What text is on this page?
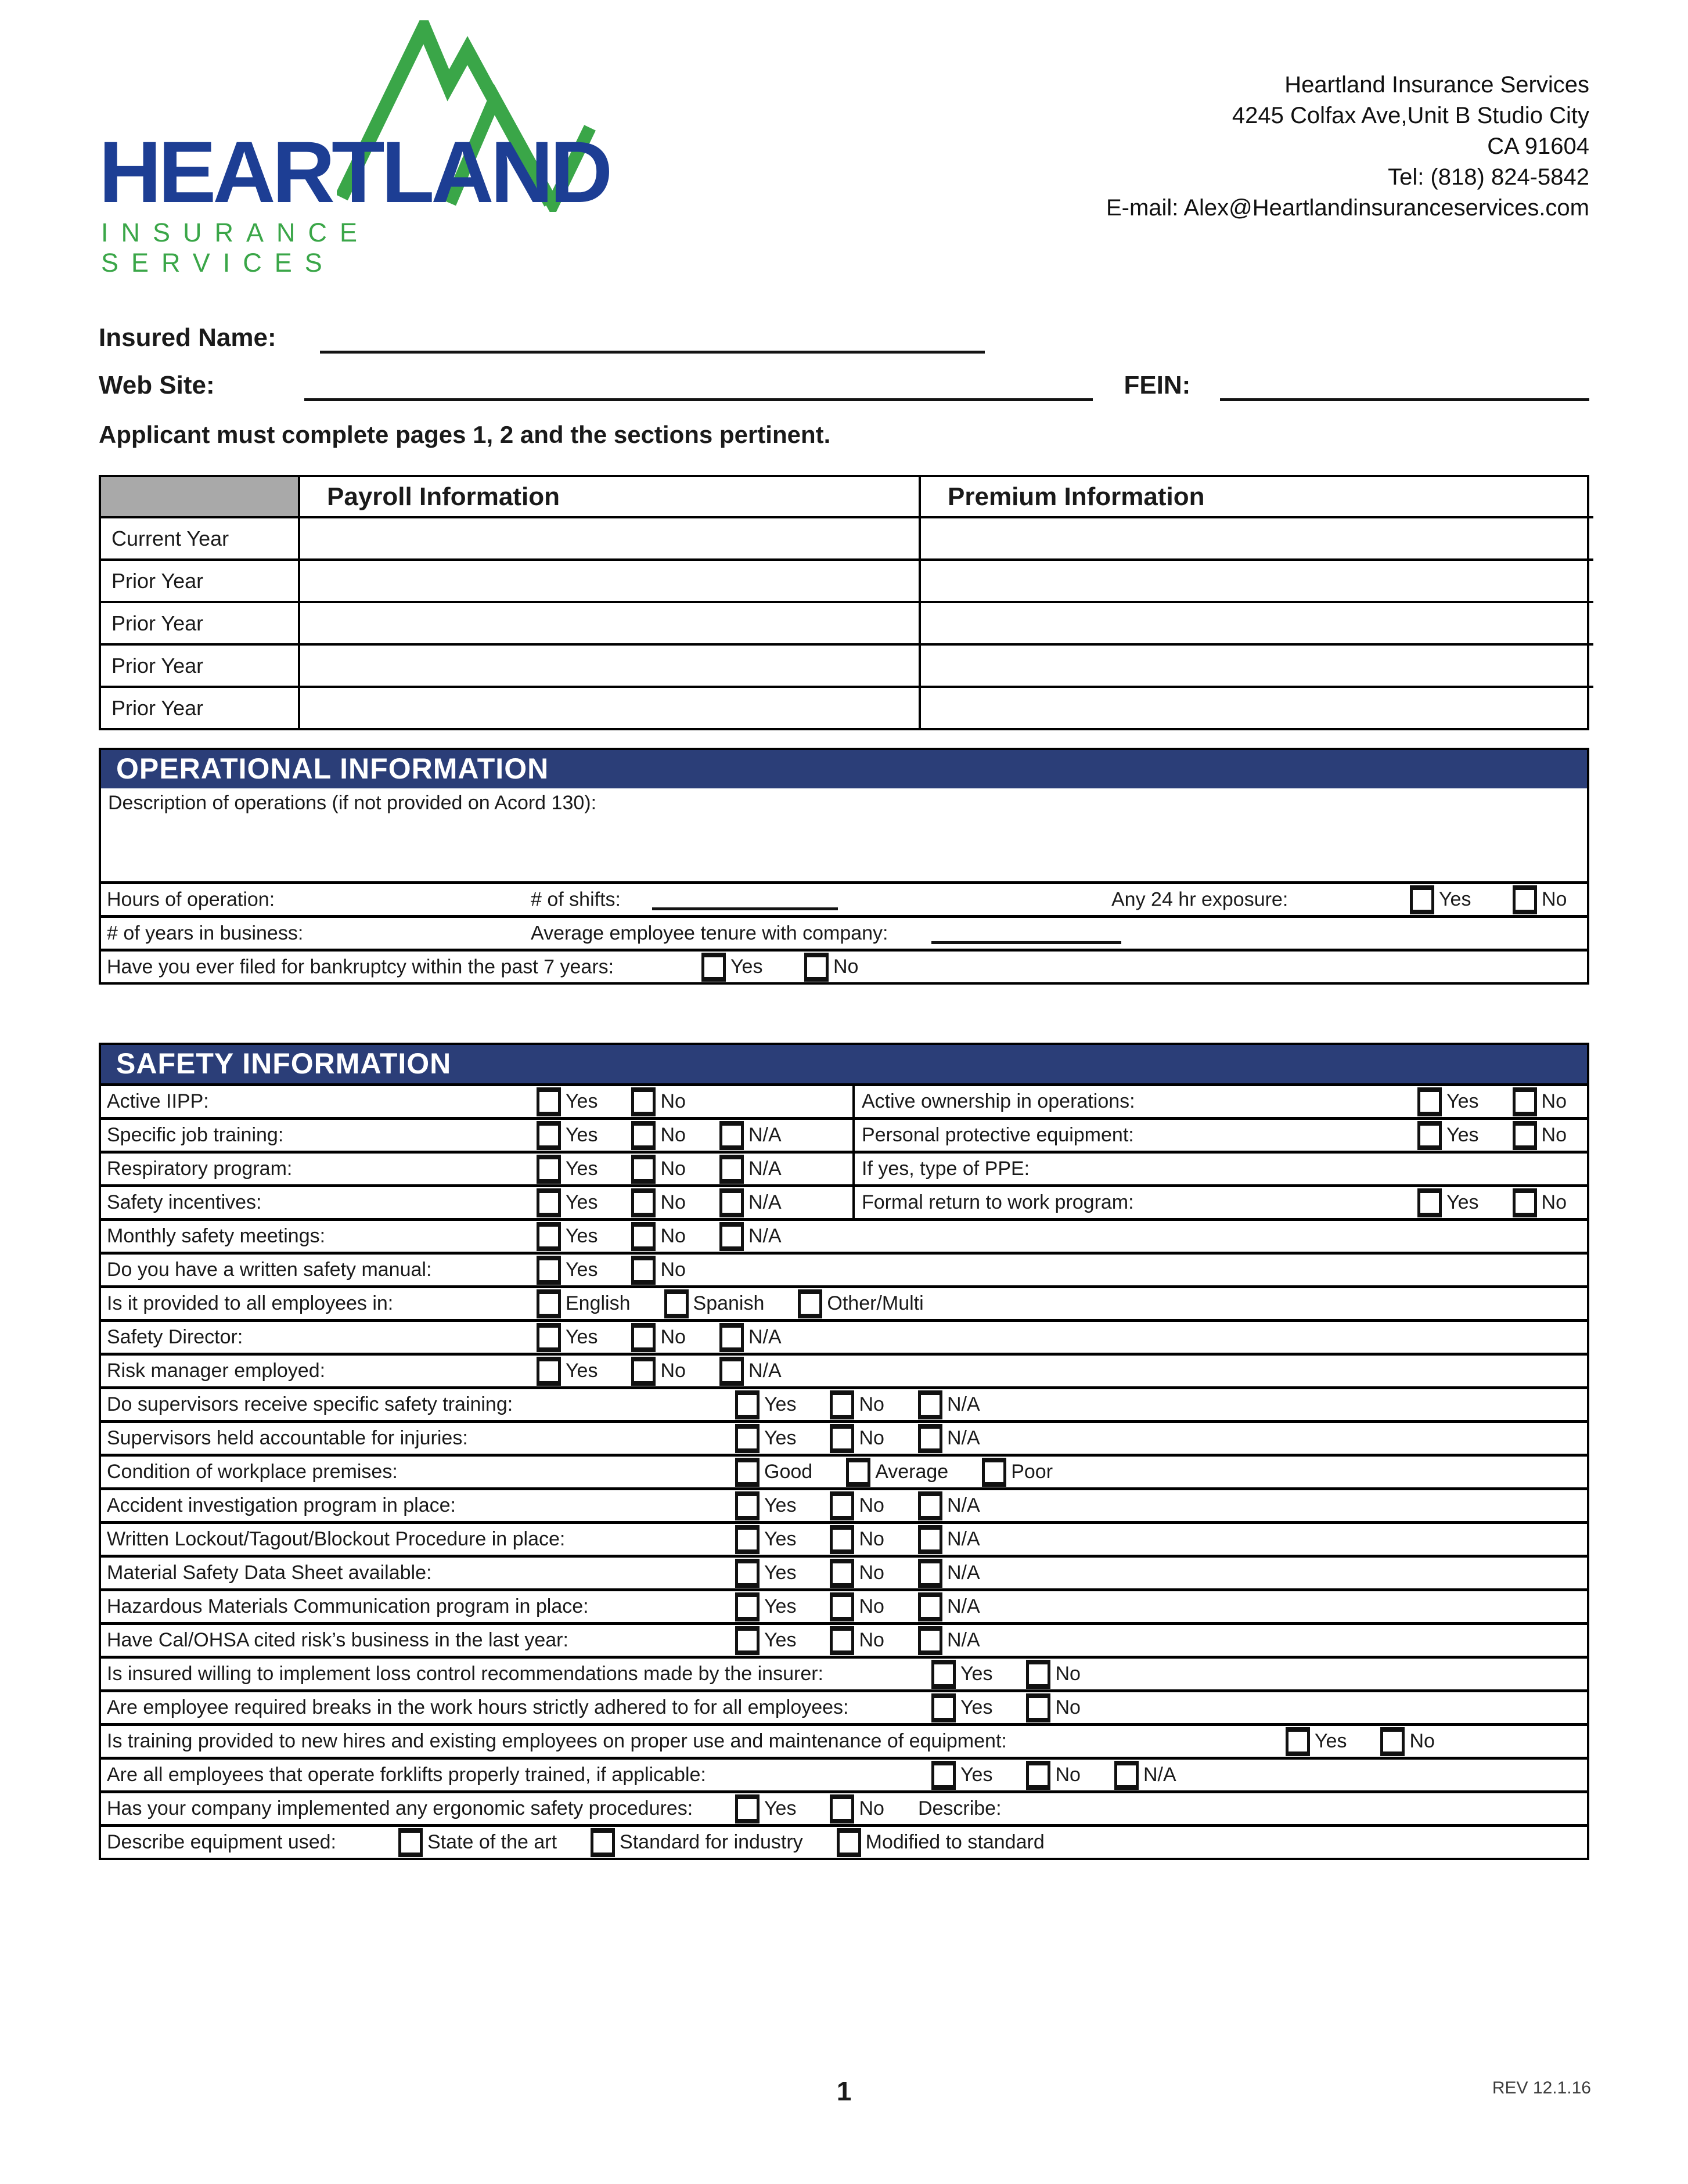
HEARTLAND
INSURANCE SERVICES
Heartland Insurance Services
4245 Colfax Ave,Unit B Studio City
CA 91604
Tel: (818) 824-5842
E-mail: Alex@Heartlandinsuranceservices.com
Insured Name:
Web Site:	FEIN:
Applicant must complete pages 1, 2 and the sections pertinent.
Payroll Information	Premium Information
Current Year
Prior Year
Prior Year
Prior Year
Prior Year
OPERATIONAL INFORMATION
Description of operations (if not provided on Acord 130):
Hours of operation:	# of shifts:	Any 24 hr exposure:	Yes	No
# of years in business:	Average employee tenure with company:
Have you ever filed for bankruptcy within the past 7 years:	Yes	No
SAFETY INFORMATION
Active IIPP:	Yes	No	Active ownership in operations:	Yes	No
Specific job training:	Yes	No	N/A	Personal protective equipment:	Yes	No
Respiratory program:	Yes	No	N/A	If yes, type of PPE:
Safety incentives:	Yes	No	N/A	Formal return to work program:	Yes	No
Monthly safety meetings:	Yes	No	N/A
Do you have a written safety manual:	Yes	No
Is it provided to all employees in:	English	Spanish	Other/Multi
Safety Director:	Yes	No	N/A
Risk manager employed:	Yes	No	N/A
Do supervisors receive specific safety training:	Yes	No	N/A
Supervisors held accountable for injuries:	Yes	No	N/A
Condition of workplace premises:	Good	Average	Poor
Accident investigation program in place:	Yes	No	N/A
Written Lockout/Tagout/Blockout Procedure in place:	Yes	No	N/A
Material Safety Data Sheet available:	Yes	No	N/A
Hazardous Materials Communication program in place:	Yes	No	N/A
Have Cal/OHSA cited risk’s business in the last year:	Yes	No	N/A
Is insured willing to implement loss control recommendations made by the insurer:	Yes	No
Are employee required breaks in the work hours strictly adhered to for all employees:	Yes	No
Is training provided to new hires and existing employees on proper use and maintenance of equipment:	Yes	No
Are all employees that operate forklifts properly trained, if applicable:	Yes	No	N/A
Has your company implemented any ergonomic safety procedures:	Yes	No Describe:
Describe equipment used:	State of the art	Standard for industry	Modified to standard
1	REV 12.1.16
